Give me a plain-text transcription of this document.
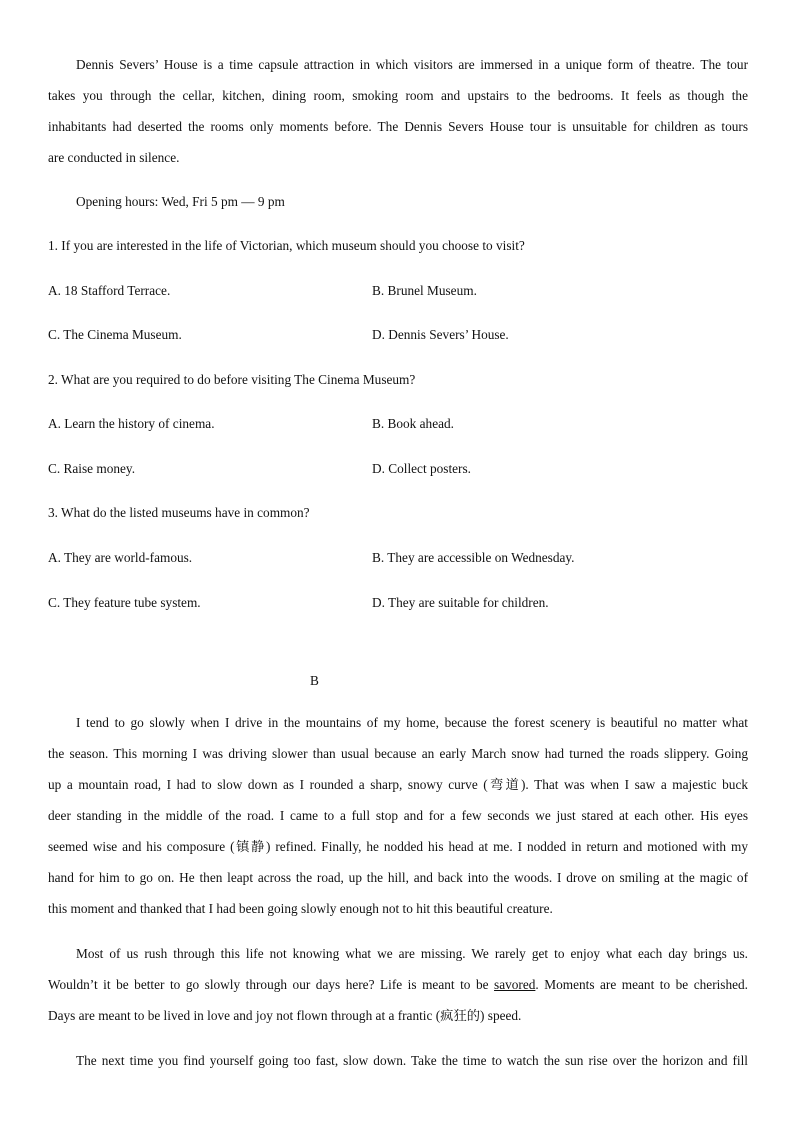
Dennis Severs’ House is a time capsule attraction in which visitors are immersed in a unique form of theatre. The tour
takes you through the cellar, kitchen, dining room, smoking room and upstairs to the bedrooms. It feels as though the
inhabitants had deserted the rooms only moments before. The Dennis Severs House tour is unsuitable for children as tours
are conducted in silence.
Opening hours: Wed, Fri 5 pm — 9 pm
1. If you are interested in the life of Victorian, which museum should you choose to visit?
A. 18 Stafford Terrace.	B. Brunel Museum.
C. The Cinema Museum.	D. Dennis Severs’ House.
2. What are you required to do before visiting The Cinema Museum?
A. Learn the history of cinema.	B. Book ahead.
C. Raise money.	D. Collect posters.
3. What do the listed museums have in common?
A. They are world-famous.	B. They are accessible on Wednesday.
C. They feature tube system.	D. They are suitable for children.
B
I tend to go slowly when I drive in the mountains of my home, because the forest scenery is beautiful no matter what
the season. This morning I was driving slower than usual because an early March snow had turned the roads slippery. Going
up a mountain road, I had to slow down as I rounded a sharp, snowy curve (弯道). That was when I saw a majestic buck
deer standing in the middle of the road. I came to a full stop and for a few seconds we just stared at each other. His eyes
seemed wise and his composure (镇静) refined. Finally, he nodded his head at me. I nodded in return and motioned with my
hand for him to go on. He then leapt across the road, up the hill, and back into the woods. I drove on smiling at the magic of
this moment and thanked that I had been going slowly enough not to hit this beautiful creature.
Most of us rush through this life not knowing what we are missing. We rarely get to enjoy what each day brings us.
Wouldn’t it be better to go slowly through our days here? Life is meant to be savored. Moments are meant to be cherished.
Days are meant to be lived in love and joy not flown through at a frantic (疯狂的) speed.
The next time you find yourself going too fast, slow down. Take the time to watch the sun rise over the horizon and fill
